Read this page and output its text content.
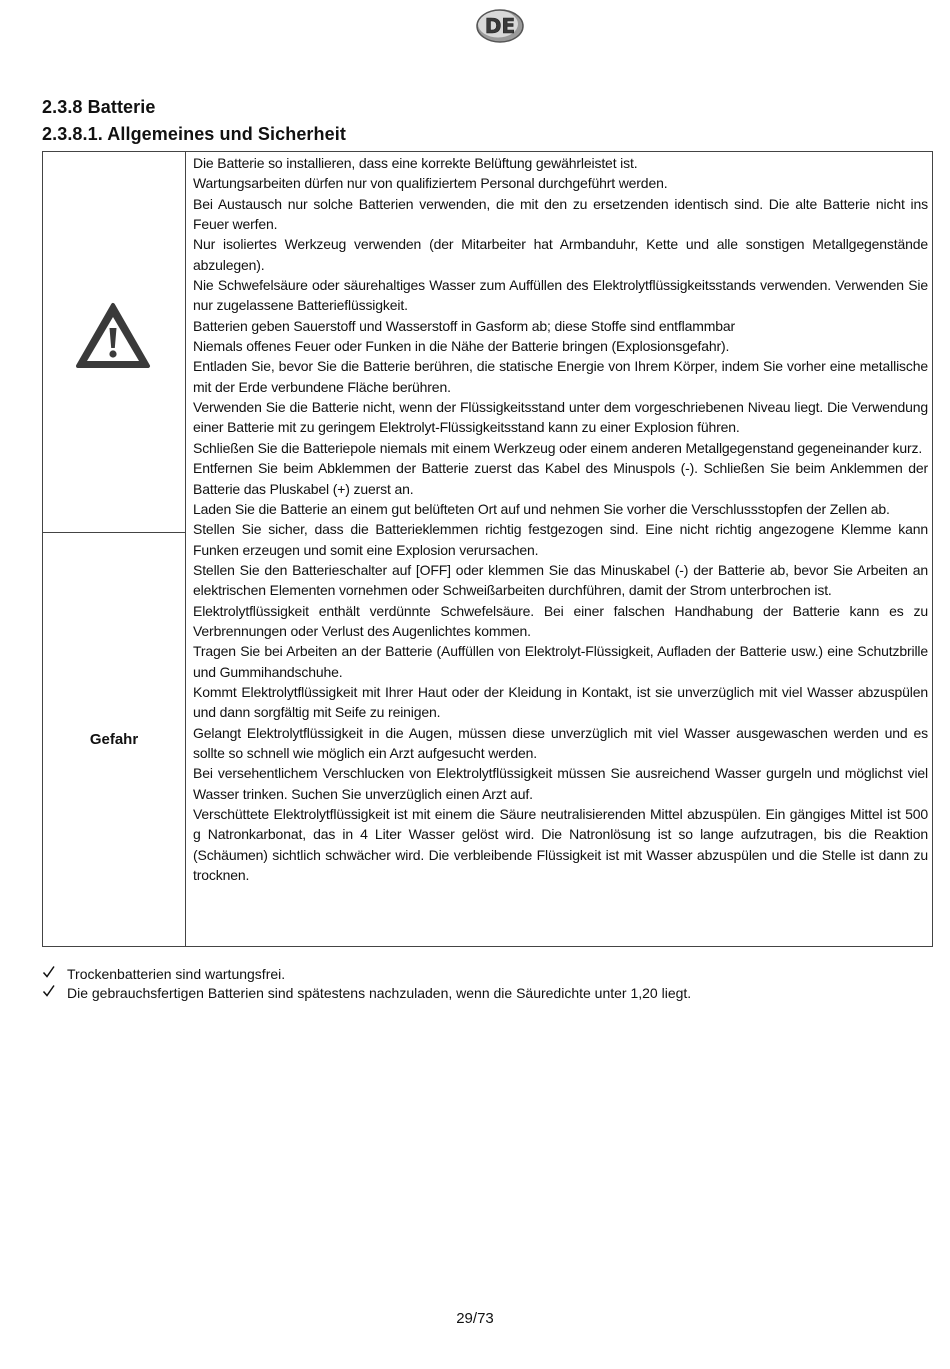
DE
2.3.8 Batterie
2.3.8.1. Allgemeines und Sicherheit
Gefahr

Die Batterie so installieren, dass eine korrekte Belüftung gewährleistet ist.

Wartungsarbeiten dürfen nur von qualifiziertem Personal durchgeführt werden.

Bei Austausch nur solche Batterien verwenden, die mit den zu ersetzenden identisch sind. Die alte Batterie nicht ins Feuer werfen.

Nur isoliertes Werkzeug verwenden (der Mitarbeiter hat Armbanduhr, Kette und alle sonstigen Metallgegenstände abzulegen).

Nie Schwefelsäure oder säurehaltiges Wasser zum Auffüllen des Elektrolytflüssigkeitsstands verwenden. Verwenden Sie nur zugelassene Batterieflüssigkeit.

Batterien geben Sauerstoff und Wasserstoff in Gasform ab; diese Stoffe sind entflammbar

Niemals offenes Feuer oder Funken in die Nähe der Batterie bringen (Explosionsgefahr).

Entladen Sie, bevor Sie die Batterie berühren, die statische Energie von Ihrem Körper, indem Sie vorher eine metallische mit der Erde verbundene Fläche berühren.

Verwenden Sie die Batterie nicht, wenn der Flüssigkeitsstand unter dem vorgeschriebenen Niveau liegt. Die Verwendung einer Batterie mit zu geringem Elektrolyt-Flüssigkeitsstand kann zu einer Explosion führen.

Schließen Sie die Batteriepole niemals mit einem Werkzeug oder einem anderen Metallgegenstand gegeneinander kurz.

Entfernen Sie beim Abklemmen der Batterie zuerst das Kabel des Minuspols (-). Schließen Sie beim Anklemmen der Batterie das Pluskabel (+) zuerst an.

Laden Sie die Batterie an einem gut belüfteten Ort auf und nehmen Sie vorher die Verschlussstopfen der Zellen ab.

Stellen Sie sicher, dass die Batterieklemmen richtig festgezogen sind. Eine nicht richtig angezogene Klemme kann Funken erzeugen und somit eine Explosion verursachen.

Stellen Sie den Batterieschalter auf [OFF] oder klemmen Sie das Minuskabel (-) der Batterie ab, bevor Sie Arbeiten an elektrischen Elementen vornehmen oder Schweißarbeiten durchführen, damit der Strom unterbrochen ist.

Elektrolytflüssigkeit enthält verdünnte Schwefelsäure. Bei einer falschen Handhabung der Batterie kann es zu Verbrennungen oder Verlust des Augenlichtes kommen.

Tragen Sie bei Arbeiten an der Batterie (Auffüllen von Elektrolyt-Flüssigkeit, Aufladen der Batterie usw.) eine Schutzbrille und Gummihandschuhe.

Kommt Elektrolytflüssigkeit mit Ihrer Haut oder der Kleidung in Kontakt, ist sie unverzüglich mit viel Wasser abzuspülen und dann sorgfältig mit Seife zu reinigen.

Gelangt Elektrolytflüssigkeit in die Augen, müssen diese unverzüglich mit viel Wasser ausgewaschen werden und es sollte so schnell wie möglich ein Arzt aufgesucht werden.

Bei versehentlichem Verschlucken von Elektrolytflüssigkeit müssen Sie ausreichend Wasser gurgeln und möglichst viel Wasser trinken. Suchen Sie unverzüglich einen Arzt auf.

Verschüttete Elektrolytflüssigkeit ist mit einem die Säure neutralisierenden Mittel abzuspülen. Ein gängiges Mittel ist 500 g Natronkarbonat, das in 4 Liter Wasser gelöst wird. Die Natronlösung ist so lange aufzutragen, bis die Reaktion (Schäumen) sichtlich schwächer wird. Die verbleibende Flüssigkeit ist mit Wasser abzuspülen und die Stelle ist dann zu trocknen.

Trockenbatterien sind wartungsfrei.
Die gebrauchsfertigen Batterien sind spätestens nachzuladen, wenn die Säuredichte unter 1,20 liegt.
29/73
